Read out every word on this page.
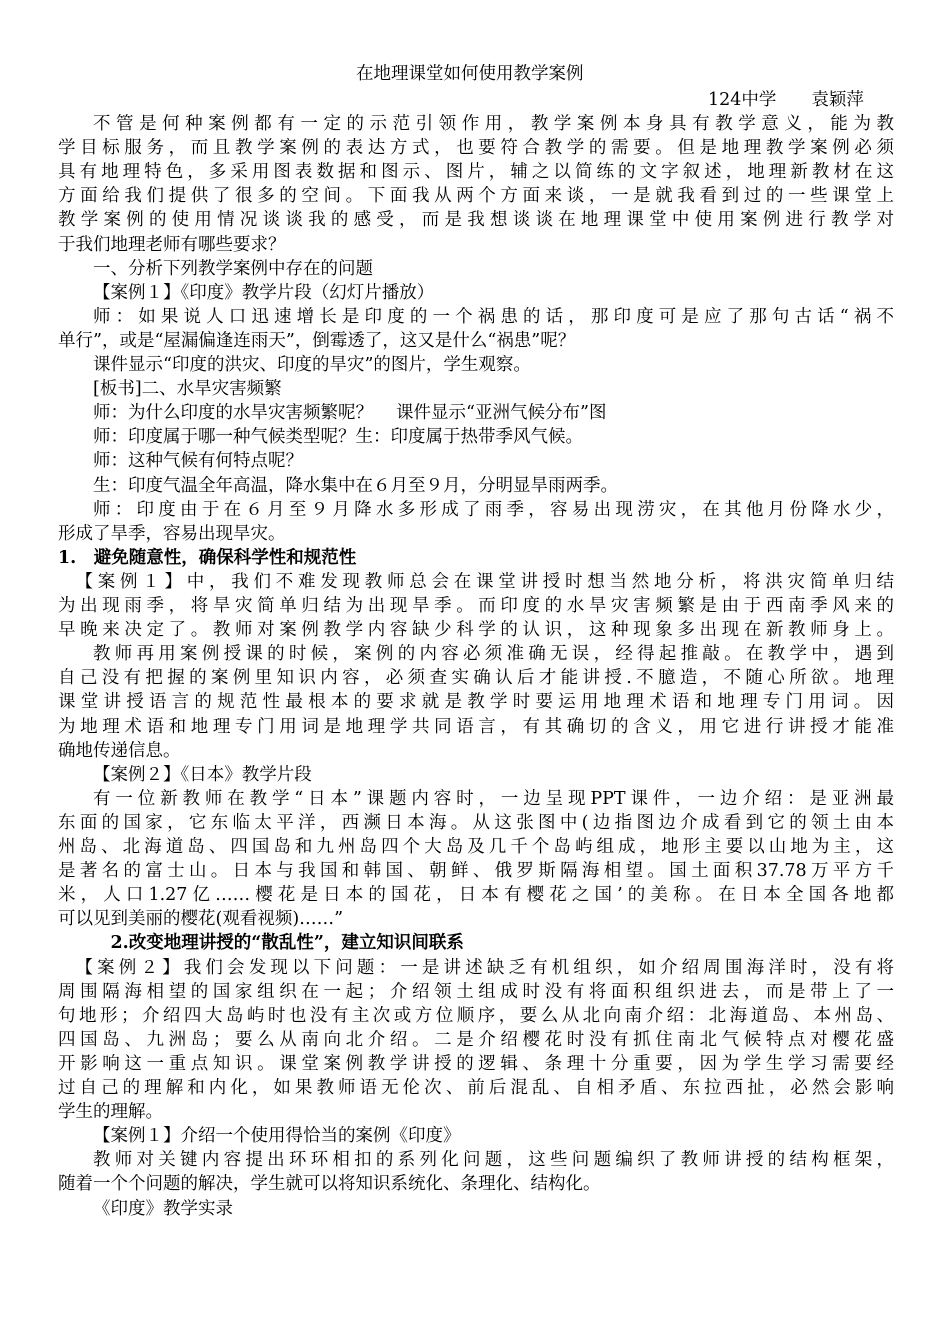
在地理课堂如何使用教学案例
124中学　　袁颖萍
不管是何种案例都有一定的示范引领作用，教学案例本身具有教学意义，能为教
学目标服务，而且教学案例的表达方式，也要符合教学的需要。但是地理教学案例必须
具有地理特色，多采用图表数据和图示、图片，辅之以简练的文字叙述，地理新教材在这
方面给我们提供了很多的空间。下面我从两个方面来谈，一是就我看到过的一些课堂上
教学案例的使用情况谈谈我的感受，而是我想谈谈在地理课堂中使用案例进行教学对
于我们地理老师有哪些要求？
一、分析下列教学案例中存在的问题
【案例１】《印度》教学片段（幻灯片播放）
师：如果说人口迅速增长是印度的一个祸患的话，那印度可是应了那句古话“祸不
单行”，或是“屋漏偏逢连雨天”，倒霉透了，这又是什么“祸患”呢？
课件显示“印度的洪灾、印度的旱灾”的图片，学生观察。
[板书]二、水旱灾害频繁
师：为什么印度的水旱灾害频繁呢？　 课件显示“亚洲气候分布”图
师：印度属于哪一种气候类型呢？生：印度属于热带季风气候。
师：这种气候有何特点呢？
生：印度气温全年高温，降水集中在６月至９月，分明显旱雨两季。
师：印度由于在６月至９月降水多形成了雨季，容易出现涝灾，在其他月份降水少，
形成了旱季，容易出现旱灾。
1.　避免随意性，确保科学性和规范性
【案例１】中，我们不难发现教师总会在课堂讲授时想当然地分析，将洪灾简单归结
为出现雨季，将旱灾简单归结为出现旱季。而印度的水旱灾害频繁是由于西南季风来的
早晚来决定了。教师对案例教学内容缺少科学的认识，这种现象多出现在新教师身上。
教师再用案例授课的时候，案例的内容必须准确无误，经得起推敲。在教学中，遇到
自己没有把握的案例里知识内容，必须查实确认后才能讲授.不臆造，不随心所欲。地理
课堂讲授语言的规范性最根本的要求就是教学时要运用地理术语和地理专门用词。因
为地理术语和地理专门用词是地理学共同语言，有其确切的含义，用它进行讲授才能准
确地传递信息。
【案例２】《日本》教学片段
有一位新教师在教学“日本”课题内容时，一边呈现PPT课件，一边介绍：是亚洲最
东面的国家，它东临太平洋，西濒日本海。从这张图中(边指图边介成看到它的领土由本
州岛、北海道岛、四国岛和九州岛四个大岛及几千个岛屿组成，地形主要以山地为主，这
是著名的富士山。日本与我国和韩国、朝鲜、俄罗斯隔海相望。国土面积37.78万平方千
米，人口1.27亿……樱花是日本的国花，日本有樱花之国’的美称。在日本全国各地都
可以见到美丽的樱花(观看视频)……”
2.改变地理讲授的“散乱性”，建立知识间联系
【案例２】我们会发现以下问题：一是讲述缺乏有机组织，如介绍周围海洋时，没有将
周围隔海相望的国家组织在一起；介绍领土组成时没有将面积组织进去，而是带上了一
句地形；介绍四大岛屿时也没有主次或方位顺序，要么从北向南介绍：北海道岛、本州岛、
四国岛、九洲岛；要么从南向北介绍。二是介绍樱花时没有抓住南北气候特点对樱花盛
开影响这一重点知识。课堂案例教学讲授的逻辑、条理十分重要，因为学生学习需要经
过自己的理解和内化，如果教师语无伦次、前后混乱、自相矛盾、东拉西扯，必然会影响
学生的理解。
【案例１】介绍一个使用得恰当的案例《印度》
教师对关键内容提出环环相扣的系列化问题，这些问题编织了教师讲授的结构框架，
随着一个个问题的解决，学生就可以将知识系统化、条理化、结构化。
《印度》教学实录
